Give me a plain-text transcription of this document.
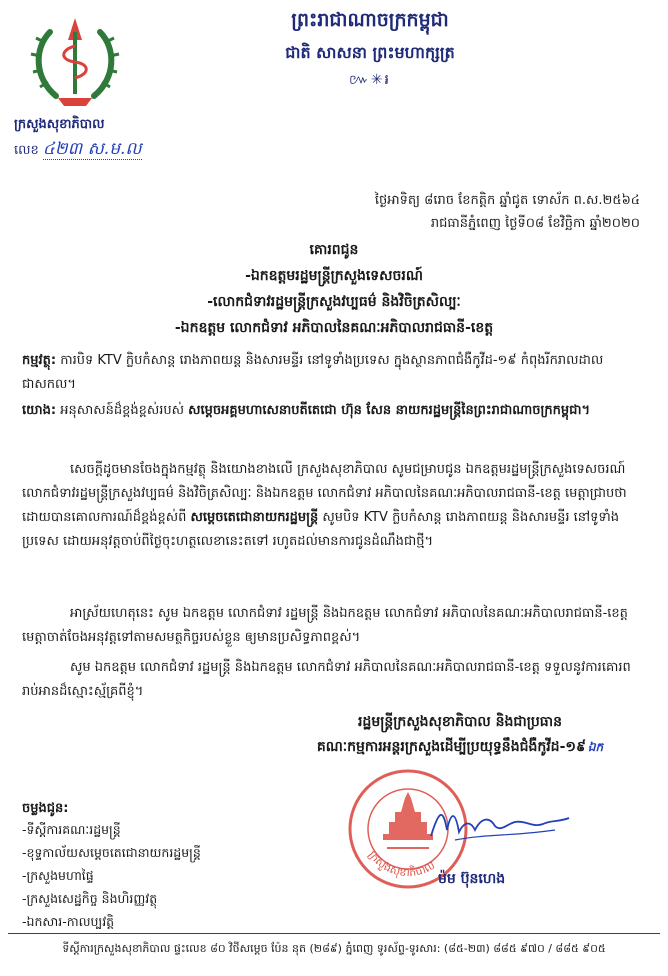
ព្រះរាជាណាចក្រកម្ពុជា
ជាតិ សាសនា ព្រះមហាក្សត្រ
៚✳៛
ក្រសួងសុខាភិបាល
លេខ ៤២៣ ស.ម.ល
ថ្ងៃអាទិត្យ ៨រោច ខែកត្តិក ឆ្នាំជូត ទោស័ក ព.ស.២៥៦៤
រាជធានីភ្នំពេញ ថ្ងៃទី០៨ ខែវិច្ឆិកា ឆ្នាំ២០២០
គោរពជូន
-ឯកឧត្តមរដ្ឋមន្ត្រីក្រសួងទេសចរណ៍
-លោកជំទាវរដ្ឋមន្ត្រីក្រសួងវប្បធម៌ និងវិចិត្រសិល្បៈ
-ឯកឧត្តម លោកជំទាវ អភិបាលនៃគណៈអភិបាលរាជធានី-ខេត្ត
កម្មវត្ថុ: ការបិទ KTV ក្លិបកំសាន្ត រោងភាពយន្ត និងសារមន្ទីរ នៅទូទាំងប្រទេស ក្នុងស្ថានភាពជំងឺកូវីដ-១៩ កំពុងរីករាលដាលជាសកល។
យោង: អនុសាសន៍ដ៏ខ្ពង់ខ្ពស់របស់ សម្តេចអគ្គមហាសេនាបតីតេជោ ហ៊ុន សែន នាយករដ្ឋមន្ត្រីនៃព្រះរាជាណាចក្រកម្ពុជា។
សេចក្តីដូចមានចែងក្នុងកម្មវត្ថុ និងយោងខាងលើ ក្រសួងសុខាភិបាល សូមជម្រាបជូន ឯកឧត្តមរដ្ឋមន្ត្រីក្រសួងទេសចរណ៍ លោកជំទាវរដ្ឋមន្ត្រីក្រសួងវប្បធម៌ និងវិចិត្រសិល្បៈ និងឯកឧត្តម លោកជំទាវ អភិបាលនៃគណៈអភិបាលរាជធានី-ខេត្ត មេត្តាជ្រាបថា ដោយបានគោលការណ៍ដ៏ខ្ពង់ខ្ពស់ពី សម្តេចតេជោនាយករដ្ឋមន្ត្រី សូមបិទ KTV ក្លិបកំសាន្ត រោងភាពយន្ត និងសារមន្ទីរ នៅទូទាំងប្រទេស ដោយអនុវត្តចាប់ពីថ្ងៃចុះហត្ថលេខានេះតទៅ រហូតដល់មានការជូនដំណឹងជាថ្មី។
អាស្រ័យហេតុនេះ សូម ឯកឧត្តម លោកជំទាវ រដ្ឋមន្ត្រី និងឯកឧត្តម លោកជំទាវ អភិបាលនៃគណៈអភិបាលរាជធានី-ខេត្ត មេត្តាចាត់ចែងអនុវត្តទៅតាមសមត្ថកិច្ចរបស់ខ្លួន ឲ្យមានប្រសិទ្ធភាពខ្ពស់។
សូម ឯកឧត្តម លោកជំទាវ រដ្ឋមន្ត្រី និងឯកឧត្តម លោកជំទាវ អភិបាលនៃគណៈអភិបាលរាជធានី-ខេត្ត ទទួលនូវការគោរពរាប់អានដ៏ស្មោះស្ម័គ្រពីខ្ញុំ។
រដ្ឋមន្ត្រីក្រសួងសុខាភិបាល និងជាប្រធាន
គណៈកម្មការអន្តរក្រសួងដើម្បីប្រយុទ្ធនឹងជំងឺកូវីដ-១៩ ឯក
ចម្លងជូន:
-ទីស្តីការគណៈរដ្ឋមន្ត្រី
-ខុទ្ទកាល័យសម្តេចតេជោនាយករដ្ឋមន្ត្រី
-ក្រសួងមហាផ្ទៃ
-ក្រសួងសេដ្ឋកិច្ច និងហិរញ្ញវត្ថុ
-ឯកសារ-កាលប្បវត្តិ
ក្រសួងសុខាភិបាល
ម៉ម ប៊ុនហេង
ទីស្តីការក្រសួងសុខាភិបាល ផ្ទះលេខ ៨០ វិថីសម្តេច ប៉ែន នុត (២៨៩) ភ្នំពេញ ទូរស័ព្ទ-ទូរសារ: (៨៥-២៣) ៨៨៥ ៩៧០ / ៨៨៥ ៩០៥
